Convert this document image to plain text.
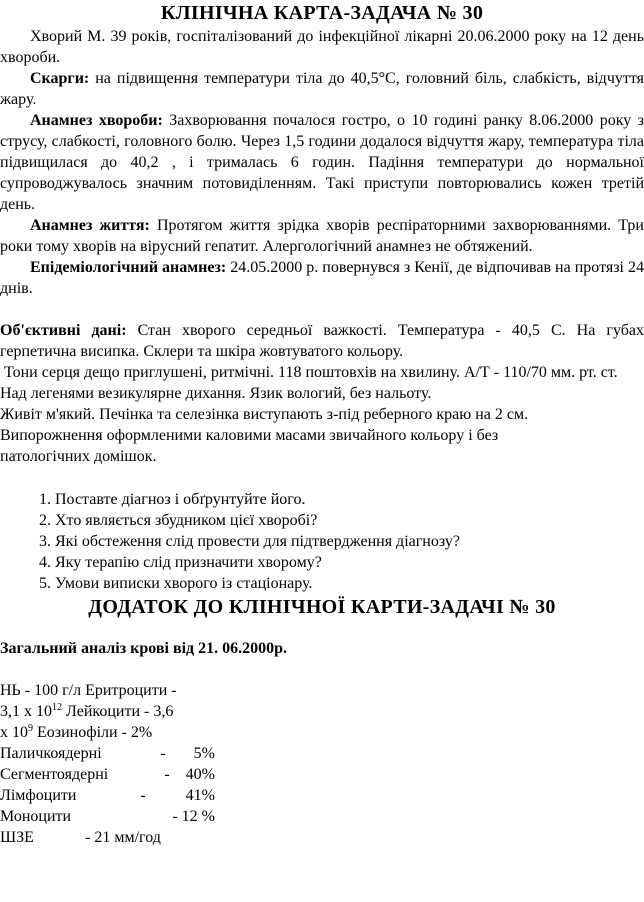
КЛІНІЧНА КАРТА-ЗАДАЧА № 30

Хворий М. 39 років, госпіталізований до інфекційної лікарні 20.06.2000 року на 12 день хвороби.

Скарги: на підвищення температури тіла до 40,5°С, головний біль, слабкість, відчуття жару.

Анамнез хвороби: Захворювання почалося гостро, о 10 годині ранку 8.06.2000 року з струсу, слабкості, головного болю. Через 1,5 години додалося відчуття жару, температура тіла підвищилася до 40,2 , і трималась 6 годин. Падіння температури до нормальної супроводжувалось значним потовиділенням. Такі приступи повторювались кожен третій день.

Анамнез життя: Протягом життя зрідка хворів респіраторними захворюваннями. Три роки тому хворів на вірусний гепатит. Алергологічний анамнез не обтяжений.

Епідеміологічний анамнез: 24.05.2000 р. повернувся з Кенії, де відпочивав на протязі 24 днів.

Об'єктивні дані: Стан хворого середньої важкості. Температура - 40,5 С. На губах герпетична висипка. Склери та шкіра жовтуватого кольору.

Тони серця дещо приглушені, ритмічні. 118 поштовхів на хвилину. А/Т - 110/70 мм. рт. ст.

Над легенями везикулярне дихання. Язик вологий, без нальоту.

Живіт м'який. Печінка та селезінка виступають з-під реберного краю на 2 см. Випорожнення оформленими каловими масами звичайного кольору і без патологічних домішок.

1. Поставте діагноз і обґрунтуйте його.
2. Хто являється збудником цієї хворобі?
3. Які обстеження слід провести для підтвердження діагнозу?
4. Яку терапію слід призначити хворому?
5. Умови виписки хворого із стаціонару.
ДОДАТОК ДО КЛІНІЧНОЇ КАРТИ-ЗАДАЧІ № 30

Загальний аналіз крові від 21. 06.2000р.

НЬ - 100 г/л Еритроцити -
3,1 х $10^{12}$ Лейкоцити - 3,6
х $10^9$ Еозинофіли - 2%
Паличкоядерні	-       5%
Сегментоядерні	-    40%
Лімфоцити	-          41%
Моноцити	- 12 %
ШЗЕ	- 21 мм/год
